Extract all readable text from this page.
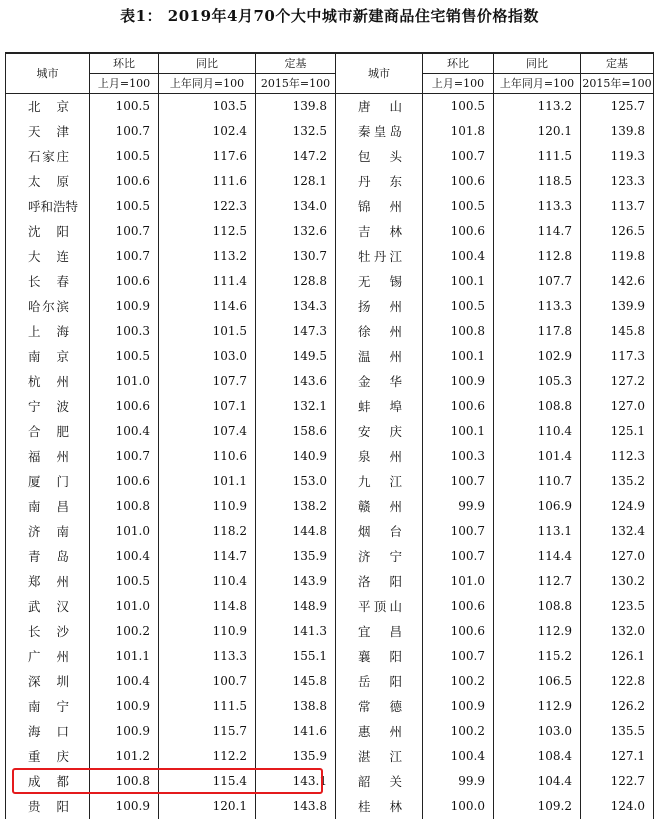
表1： 2019年4月70个大中城市新建商品住宅销售价格指数
城市	环比	同比	定基	城市	环比	同比	定基
	上月=100	上年同月=100	2015年=100		上月=100	上年同月=100	2015年=100
北 京	100.5	103.5	139.8	唐 山	100.5	113.2	125.7
天 津	100.7	102.4	132.5	秦皇岛	101.8	120.1	139.8
石家庄	100.5	117.6	147.2	包 头	100.7	111.5	119.3
太 原	100.6	111.6	128.1	丹 东	100.6	118.5	123.3
呼和浩特	100.5	122.3	134.0	锦 州	100.5	113.3	113.7
沈 阳	100.7	112.5	132.6	吉 林	100.6	114.7	126.5
大 连	100.7	113.2	130.7	牡丹江	100.4	112.8	119.8
长 春	100.6	111.4	128.8	无 锡	100.1	107.7	142.6
哈尔滨	100.9	114.6	134.3	扬 州	100.5	113.3	139.9
上 海	100.3	101.5	147.3	徐 州	100.8	117.8	145.8
南 京	100.5	103.0	149.5	温 州	100.1	102.9	117.3
杭 州	101.0	107.7	143.6	金 华	100.9	105.3	127.2
宁 波	100.6	107.1	132.1	蚌 埠	100.6	108.8	127.0
合 肥	100.4	107.4	158.6	安 庆	100.1	110.4	125.1
福 州	100.7	110.6	140.9	泉 州	100.3	101.4	112.3
厦 门	100.6	101.1	153.0	九 江	100.7	110.7	135.2
南 昌	100.8	110.9	138.2	赣 州	99.9	106.9	124.9
济 南	101.0	118.2	144.8	烟 台	100.7	113.1	132.4
青 岛	100.4	114.7	135.9	济 宁	100.7	114.4	127.0
郑 州	100.5	110.4	143.9	洛 阳	101.0	112.7	130.2
武 汉	101.0	114.8	148.9	平顶山	100.6	108.8	123.5
长 沙	100.2	110.9	141.3	宜 昌	100.6	112.9	132.0
广 州	101.1	113.3	155.1	襄 阳	100.7	115.2	126.1
深 圳	100.4	100.7	145.8	岳 阳	100.2	106.5	122.8
南 宁	100.9	111.5	138.8	常 德	100.9	112.9	126.2
海 口	100.9	115.7	141.6	惠 州	100.2	103.0	135.5
重 庆	101.2	112.2	135.9	湛 江	100.4	108.4	127.1
成 都	100.8	115.4	143.1	韶 关	99.9	104.4	122.7
贵 阳	100.9	120.1	143.8	桂 林	100.0	109.2	124.0
